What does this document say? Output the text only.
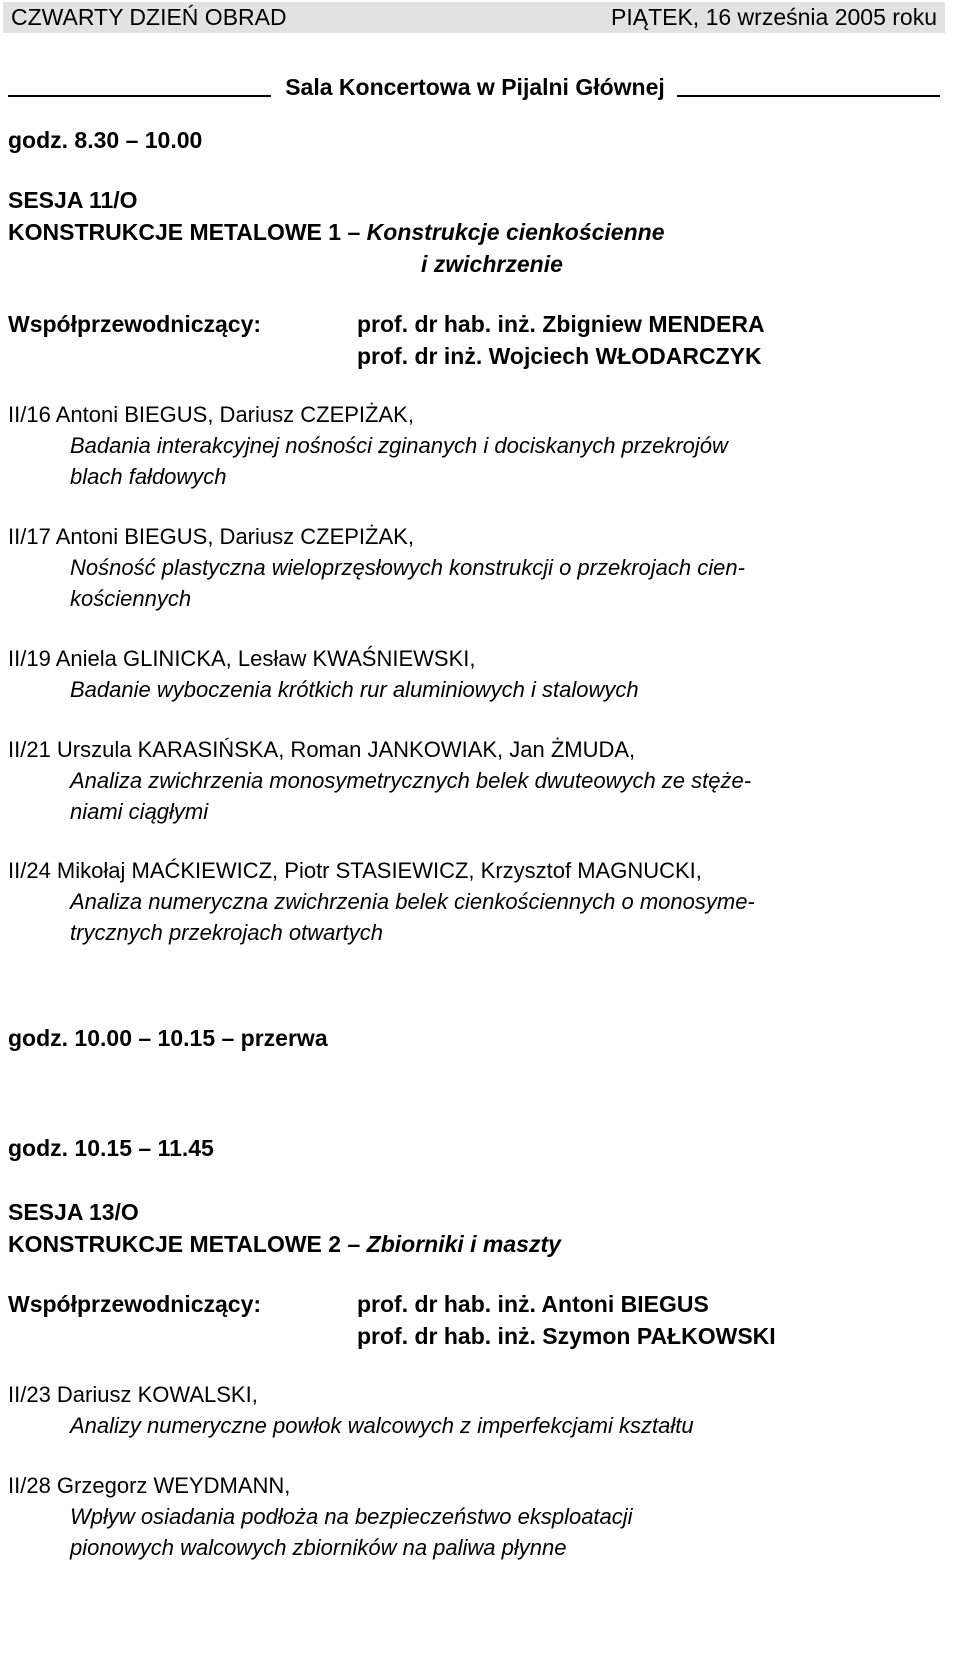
CZWARTY DZIEŃ OBRAD	PIĄTEK, 16 września 2005 roku
Sala Koncertowa w Pijalni Głównej
godz. 8.30 – 10.00
SESJA 11/O
KONSTRUKCJE METALOWE 1 – Konstrukcje cienkościenne
i zwichrzenie
Współprzewodniczący:	prof. dr hab. inż. Zbigniew MENDERA
prof. dr inż. Wojciech WŁODARCZYK
II/16 Antoni BIEGUS, Dariusz CZEPIŻAK,
Badania interakcyjnej nośności zginanych i dociskanych przekrojów
blach fałdowych
II/17 Antoni BIEGUS, Dariusz CZEPIŻAK,
Nośność plastyczna wieloprzęsłowych konstrukcji o przekrojach cien-
kościennych
II/19 Aniela GLINICKA, Lesław KWAŚNIEWSKI,
Badanie wyboczenia krótkich rur aluminiowych i stalowych
II/21 Urszula KARASIŃSKA, Roman JANKOWIAK, Jan ŻMUDA,
Analiza zwichrzenia monosymetrycznych belek dwuteowych ze stęże-
niami ciągłymi
II/24 Mikołaj MAĆKIEWICZ, Piotr STASIEWICZ, Krzysztof MAGNUCKI,
Analiza numeryczna zwichrzenia belek cienkościennych o monosyme-
trycznych przekrojach otwartych
godz. 10.00 – 10.15 – przerwa
godz. 10.15 – 11.45
SESJA 13/O
KONSTRUKCJE METALOWE 2 – Zbiorniki i maszty
Współprzewodniczący:	prof. dr hab. inż. Antoni BIEGUS
prof. dr hab. inż. Szymon PAŁKOWSKI
II/23 Dariusz KOWALSKI,
Analizy numeryczne powłok walcowych z imperfekcjami kształtu
II/28 Grzegorz WEYDMANN,
Wpływ osiadania podłoża na bezpieczeństwo eksploatacji
pionowych walcowych zbiorników na paliwa płynne
